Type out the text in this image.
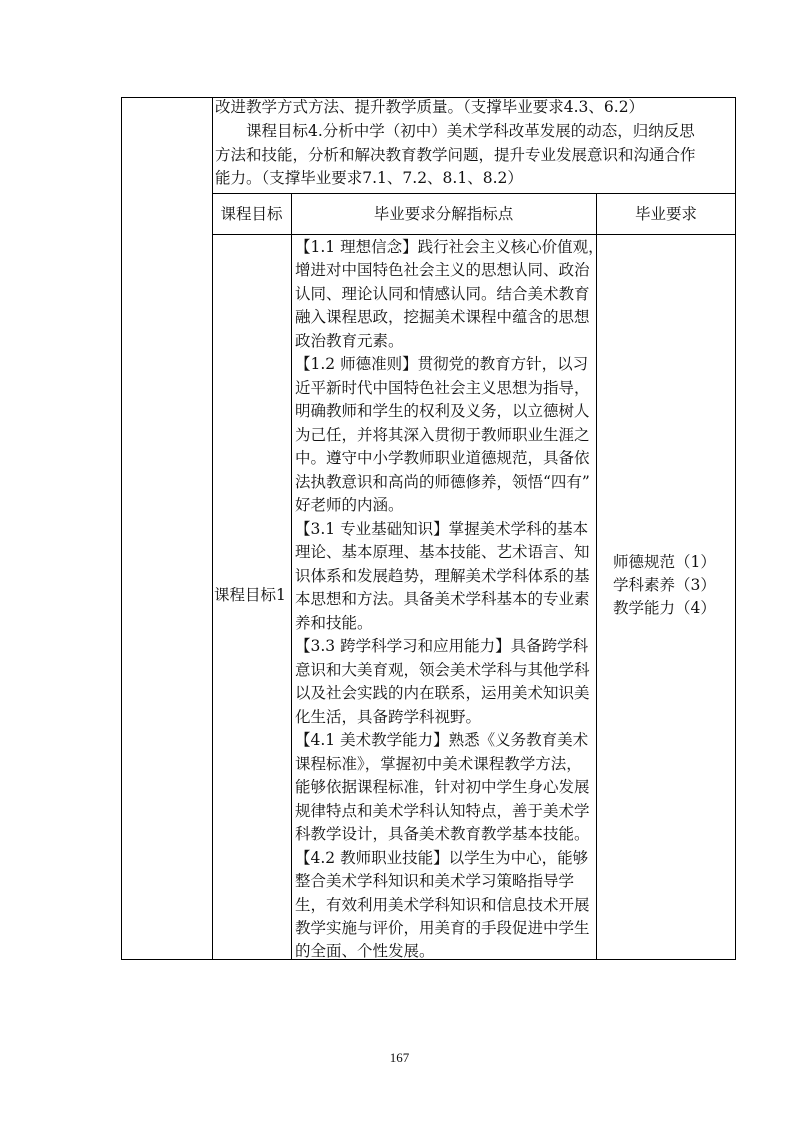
改进教学方式方法、提升教学质量。（支撑毕业要求4.3、6.2）
课程目标4.分析中学（初中）美术学科改革发展的动态，归纳反思
方法和技能，分析和解决教育教学问题，提升专业发展意识和沟通合作
能力。（支撑毕业要求7.1、7.2、8.1、8.2）
课程目标	毕业要求分解指标点	毕业要求
课程目标1
【1.1 理想信念】践行社会主义核心价值观，
增进对中国特色社会主义的思想认同、政治
认同、理论认同和情感认同。结合美术教育
融入课程思政，挖掘美术课程中蕴含的思想
政治教育元素。
【1.2 师德准则】贯彻党的教育方针，以习
近平新时代中国特色社会主义思想为指导，
明确教师和学生的权利及义务，以立德树人
为己任，并将其深入贯彻于教师职业生涯之
中。遵守中小学教师职业道德规范，具备依
法执教意识和高尚的师德修养，领悟“四有”
好老师的内涵。
【3.1 专业基础知识】掌握美术学科的基本
理论、基本原理、基本技能、艺术语言、知
识体系和发展趋势，理解美术学科体系的基
本思想和方法。具备美术学科基本的专业素
养和技能。
【3.3 跨学科学习和应用能力】具备跨学科
意识和大美育观，领会美术学科与其他学科
以及社会实践的内在联系，运用美术知识美
化生活，具备跨学科视野。
【4.1 美术教学能力】熟悉《义务教育美术
课程标准》，掌握初中美术课程教学方法，
能够依据课程标准，针对初中学生身心发展
规律特点和美术学科认知特点，善于美术学
科教学设计，具备美术教育教学基本技能。
【4.2 教师职业技能】以学生为中心，能够
整合美术学科知识和美术学习策略指导学
生，有效利用美术学科知识和信息技术开展
教学实施与评价，用美育的手段促进中学生
的全面、个性发展。
师德规范（1）
学科素养（3）
教学能力（4）
167
